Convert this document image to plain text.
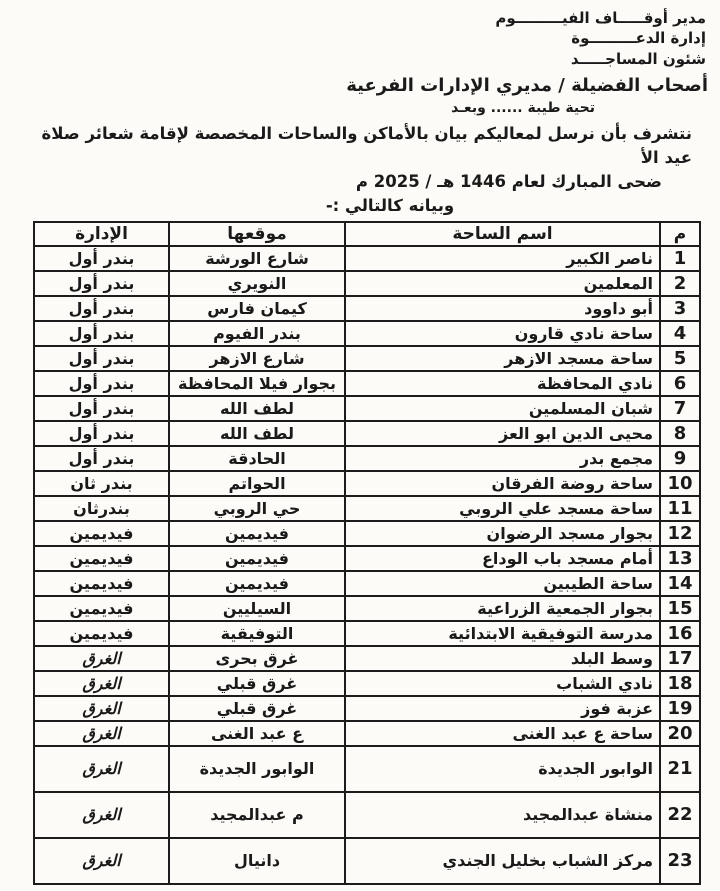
مدير أوقـــــاف الفيـــــــــوم
إدارة الدعـــــــــوة
شئون المساجـــــد
أصحاب الفضيلة / مديري الإدارات الفرعية
تحية طيبة ...... وبعـد

نتشرف بأن نرسل لمعاليكم بيان بالأماكن والساحات المخصصة لإقامة شعائر صلاة عيد الأ
ضحى المبارك لعام 1446 هـ / 2025 م

وبيانه كالتالي :-
م	اسم الساحة	موقعها	الإدارة
1	ناصر الكبير	شارع الورشة	بندر أول
2	المعلمين	النويري	بندر أول
3	أبو داوود	كيمان فارس	بندر أول
4	ساحة نادي قارون	بندر الفيوم	بندر أول
5	ساحة مسجد الازهر	شارع الازهر	بندر أول
6	نادي المحافظة	بجوار فيلا المحافظة	بندر أول
7	شبان المسلمين	لطف الله	بندر أول
8	محيى الدين ابو العز	لطف الله	بندر أول
9	مجمع بدر	الحادقة	بندر أول
10	ساحة روضة الفرقان	الحواتم	بندر ثان
11	ساحة مسجد علي الروبي	حي الروبي	بندرثان
12	بجوار مسجد الرضوان	فيديمين	فيديمين
13	أمام مسجد باب الوداع	فيديمين	فيديمين
14	ساحة الطيبين	فيديمين	فيديمين
15	بجوار الجمعية الزراعية	السيليين	فيديمين
16	مدرسة التوفيقية الابتدائية	التوفيقية	فيديمين
17	وسط البلد	غرق بحرى	الغرق
18	نادي الشباب	غرق قبلي	الغرق
19	عزبة فوز	غرق قبلي	الغرق
20	ساحة ع عبد الغنى	ع عبد الغنى	الغرق
21	الوابور الجديدة	الوابور الجديدة	الغرق
22	منشاة عبدالمجيد	م عبدالمجيد	الغرق
23	مركز الشباب بخليل الجندي	دانيال	الغرق
